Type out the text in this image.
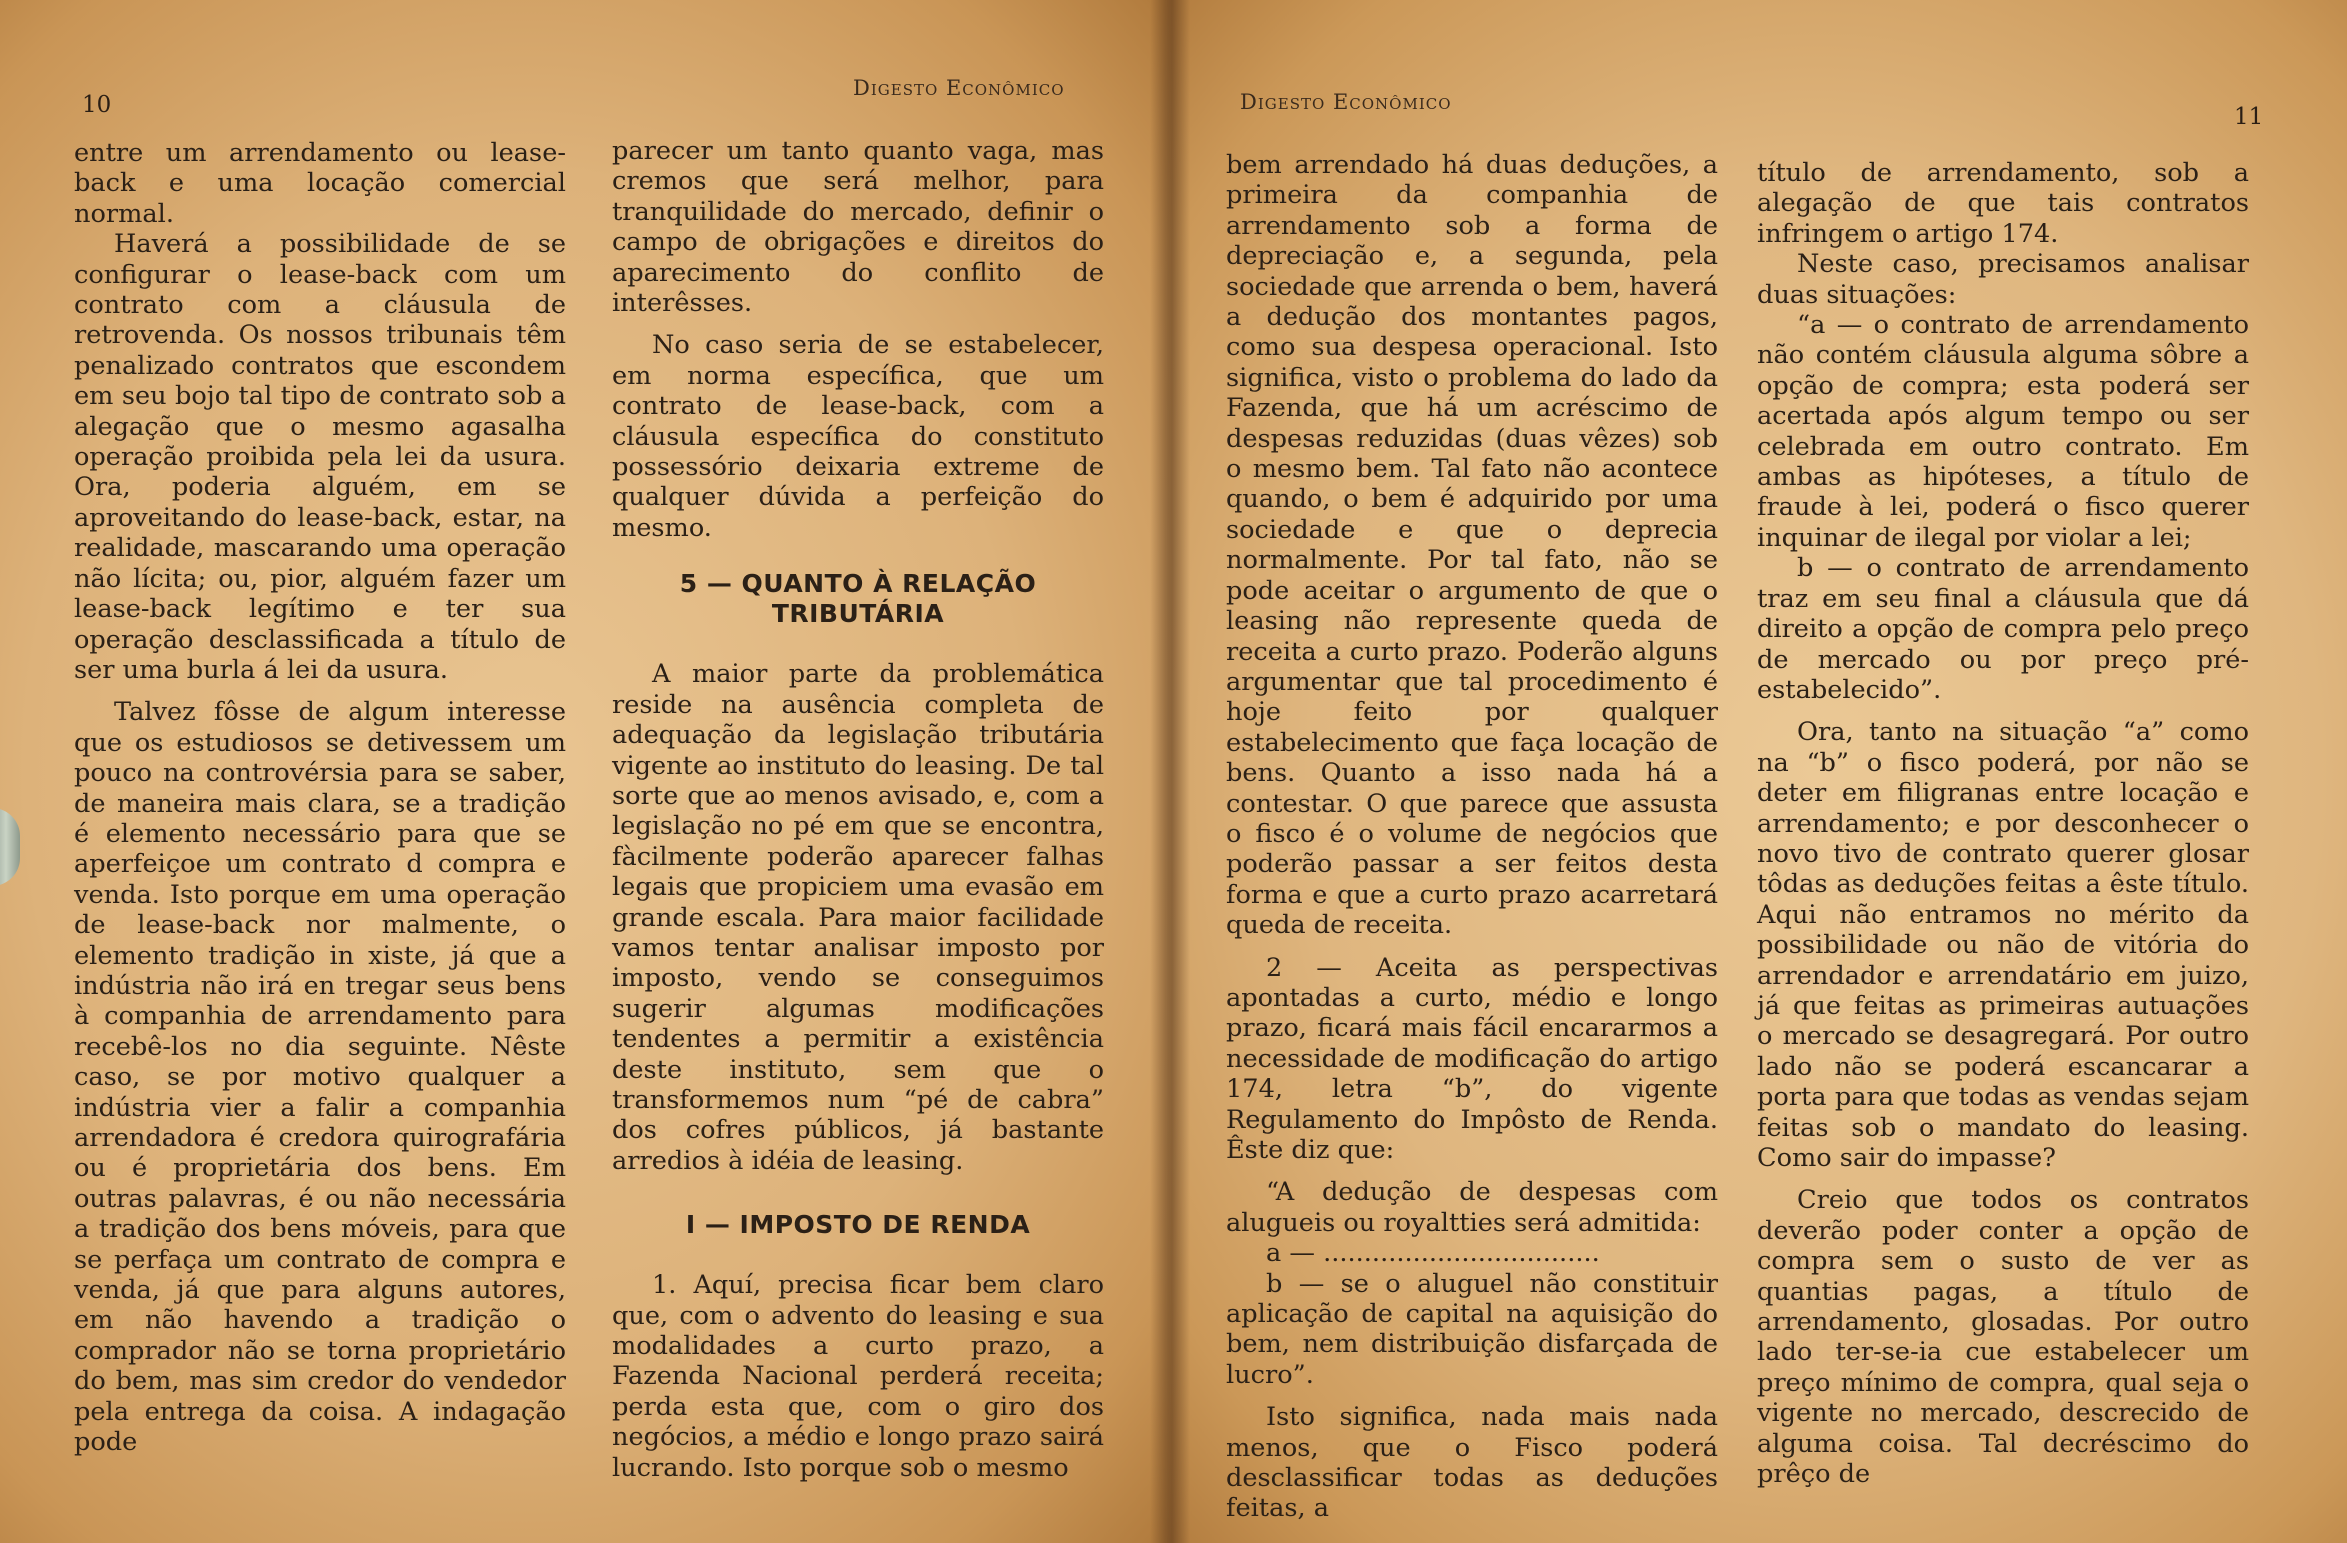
10
Digesto Econômico

entre um arrendamento ou lease-back e uma locação comercial normal.

Haverá a possibilidade de se configurar o lease-back com um contrato com a cláusula de retrovenda. Os nossos tribunais têm penalizado contratos que escondem em seu bojo tal tipo de contrato sob a alegação que o mesmo agasalha operação proibida pela lei da usura. Ora, poderia alguém, em se aproveitando do lease-back, estar, na realidade, mascarando uma operação não lícita; ou, pior, alguém fazer um lease-back legítimo e ter sua operação desclassificada a título de ser uma burla á lei da usura.

Talvez fôsse de algum interesse que os estudiosos se detivessem um pouco na controvérsia para se saber, de maneira mais clara, se a tradição é elemento necessário para que se aperfeiçoe um contrato d compra e venda. Isto porque em uma operação de lease-back nor malmente, o elemento tradição in xiste, já que a indústria não irá en tregar seus bens à companhia de arrendamento para recebê-los no dia seguinte. Nêste caso, se por motivo qualquer a indústria vier a falir a companhia arrendadora é credora quirografária ou é proprietária dos bens. Em outras palavras, é ou não necessária a tradição dos bens móveis, para que se perfaça um contrato de compra e venda, já que para alguns autores, em não havendo a tradição o comprador não se torna proprietário do bem, mas sim credor do vendedor pela entrega da coisa. A indagação pode

parecer um tanto quanto vaga, mas cremos que será melhor, para tranquilidade do mercado, definir o campo de obrigações e direitos do aparecimento do conflito de interêsses.

No caso seria de se estabelecer, em norma específica, que um contrato de lease-back, com a cláusula específica do constituto possessório deixaria extreme de qualquer dúvida a perfeição do mesmo.

5 — QUANTO À RELAÇÃO TRIBUTÁRIA

A maior parte da problemática reside na ausência completa de adequação da legislação tributária vigente ao instituto do leasing. De tal sorte que ao menos avisado, e, com a legislação no pé em que se encontra, fàcilmente poderão aparecer falhas legais que propiciem uma evasão em grande escala. Para maior facilidade vamos tentar analisar imposto por imposto, vendo se conseguimos sugerir algumas modificações tendentes a permitir a existência deste instituto, sem que o transformemos num “pé de cabra” dos cofres públicos, já bastante arredios à idéia de leasing.

I — IMPOSTO DE RENDA

1. Aquí, precisa ficar bem claro que, com o advento do leasing e sua modalidades a curto prazo, a Fazenda Nacional perderá receita; perda esta que, com o giro dos negócios, a médio e longo prazo sairá lucrando. Isto porque sob o mesmo

Digesto Econômico
11

bem arrendado há duas deduções, a primeira da companhia de arrendamento sob a forma de depreciação e, a segunda, pela sociedade que arrenda o bem, haverá a dedução dos montantes pagos, como sua despesa operacional. Isto significa, visto o problema do lado da Fazenda, que há um acréscimo de despesas reduzidas (duas vêzes) sob o mesmo bem. Tal fato não acontece quando, o bem é adquirido por uma sociedade e que o deprecia normalmente. Por tal fato, não se pode aceitar o argumento de que o leasing não represente queda de receita a curto prazo. Poderão alguns argumentar que tal procedimento é hoje feito por qualquer estabelecimento que faça locação de bens. Quanto a isso nada há a contestar. O que parece que assusta o fisco é o volume de negócios que poderão passar a ser feitos desta forma e que a curto prazo acarretará queda de receita.

2 — Aceita as perspectivas apontadas a curto, médio e longo prazo, ficará mais fácil encararmos a necessidade de modificação do artigo 174, letra “b”, do vigente Regulamento do Impôsto de Renda. Êste diz que:

“A dedução de despesas com alugueis ou royaltties será admitida:

a — ..................................

b — se o aluguel não constituir aplicação de capital na aquisição do bem, nem distribuição disfarçada de lucro”.

Isto significa, nada mais nada menos, que o Fisco poderá desclassificar todas as deduções feitas, a

título de arrendamento, sob a alegação de que tais contratos infringem o artigo 174.

Neste caso, precisamos analisar duas situações:

“a — o contrato de arrendamento não contém cláusula alguma sôbre a opção de compra; esta poderá ser acertada após algum tempo ou ser celebrada em outro contrato. Em ambas as hipóteses, a título de fraude à lei, poderá o fisco querer inquinar de ilegal por violar a lei;

b — o contrato de arrendamento traz em seu final a cláusula que dá direito a opção de compra pelo preço de mercado ou por preço pré-estabelecido”.

Ora, tanto na situação “a” como na “b” o fisco poderá, por não se deter em filigranas entre locação e arrendamento; e por desconhecer o novo tivo de contrato querer glosar tôdas as deduções feitas a êste título. Aqui não entramos no mérito da possibilidade ou não de vitória do arrendador e arrendatário em juizo, já que feitas as primeiras autuações o mercado se desagregará. Por outro lado não se poderá escancarar a porta para que todas as vendas sejam feitas sob o mandato do leasing. Como sair do impasse?

Creio que todos os contratos deverão poder conter a opção de compra sem o susto de ver as quantias pagas, a título de arrendamento, glosadas. Por outro lado ter-se-ia cue estabelecer um preço mínimo de compra, qual seja o vigente no mercado, descrecido de alguma coisa. Tal decréscimo do prêço de
